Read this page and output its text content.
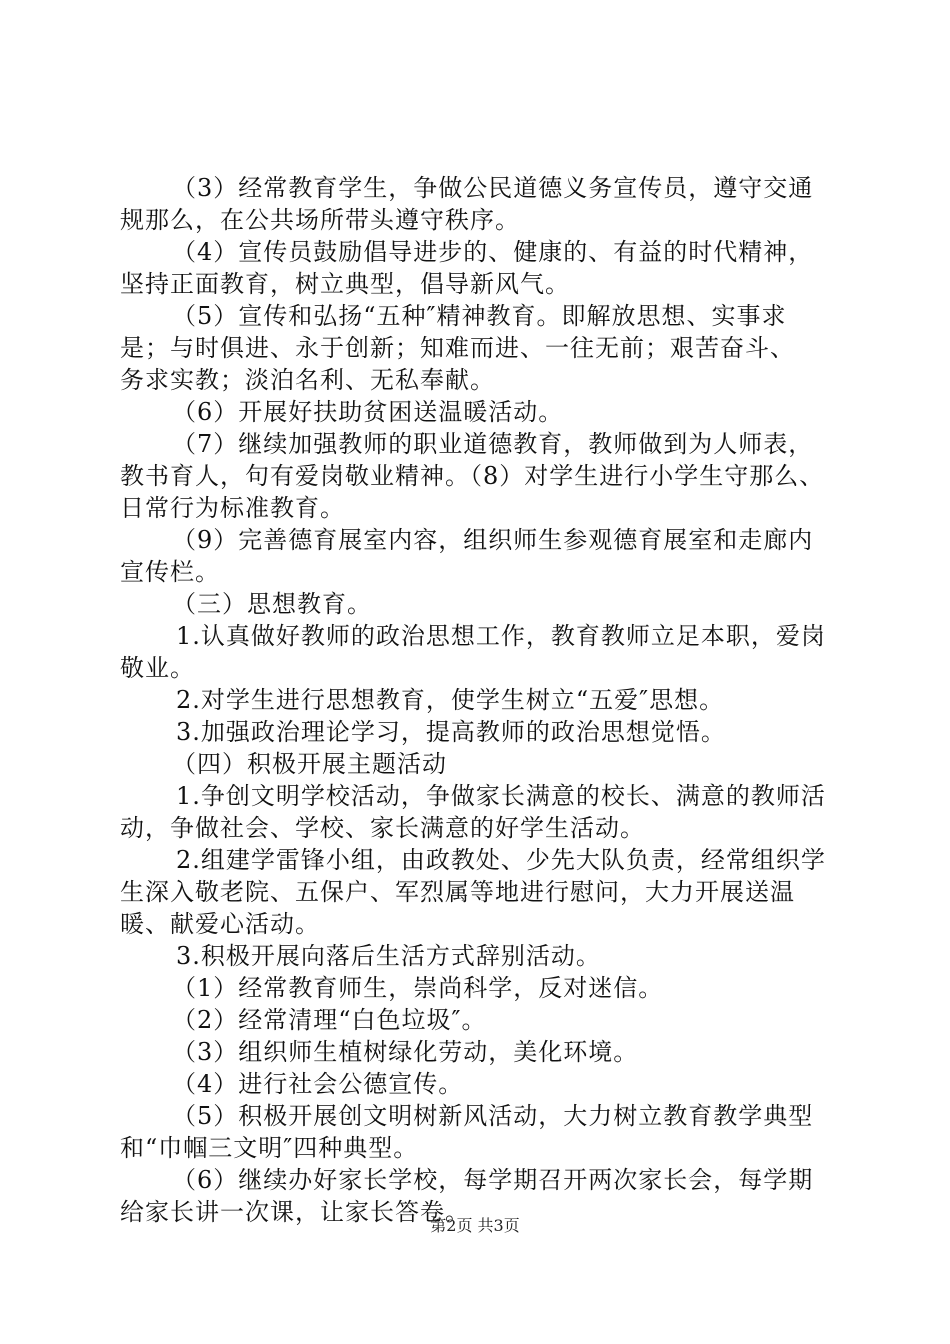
（3）经常教育学生，争做公民道德义务宣传员，遵守交通
规那么，在公共场所带头遵守秩序。
（4）宣传员鼓励倡导进步的、健康的、有益的时代精神，
坚持正面教育，树立典型，倡导新风气。
（5）宣传和弘扬“五种″精神教育。即解放思想、实事求
是；与时俱进、永于创新；知难而进、一往无前；艰苦奋斗、
务求实教；淡泊名利、无私奉献。
（6）开展好扶助贫困送温暖活动。
（7）继续加强教师的职业道德教育，教师做到为人师表，
教书育人，句有爱岗敬业精神。（8）对学生进行小学生守那么、
日常行为标准教育。
（9）完善德育展室内容，组织师生参观德育展室和走廊内
宣传栏。
（三）思想教育。
1.认真做好教师的政治思想工作，教育教师立足本职，爱岗
敬业。
2.对学生进行思想教育，使学生树立“五爱″思想。
3.加强政治理论学习，提高教师的政治思想觉悟。
（四）积极开展主题活动
1.争创文明学校活动，争做家长满意的校长、满意的教师活
动，争做社会、学校、家长满意的好学生活动。
2.组建学雷锋小组，由政教处、少先大队负责，经常组织学
生深入敬老院、五保户、军烈属等地进行慰问，大力开展送温
暖、献爱心活动。
3.积极开展向落后生活方式辞别活动。
（1）经常教育师生，崇尚科学，反对迷信。
（2）经常清理“白色垃圾″。
（3）组织师生植树绿化劳动，美化环境。
（4）进行社会公德宣传。
（5）积极开展创文明树新风活动，大力树立教育教学典型
和“巾帼三文明″四种典型。
（6）继续办好家长学校，每学期召开两次家长会，每学期
给家长讲一次课，让家长答卷。
第2页 共3页
